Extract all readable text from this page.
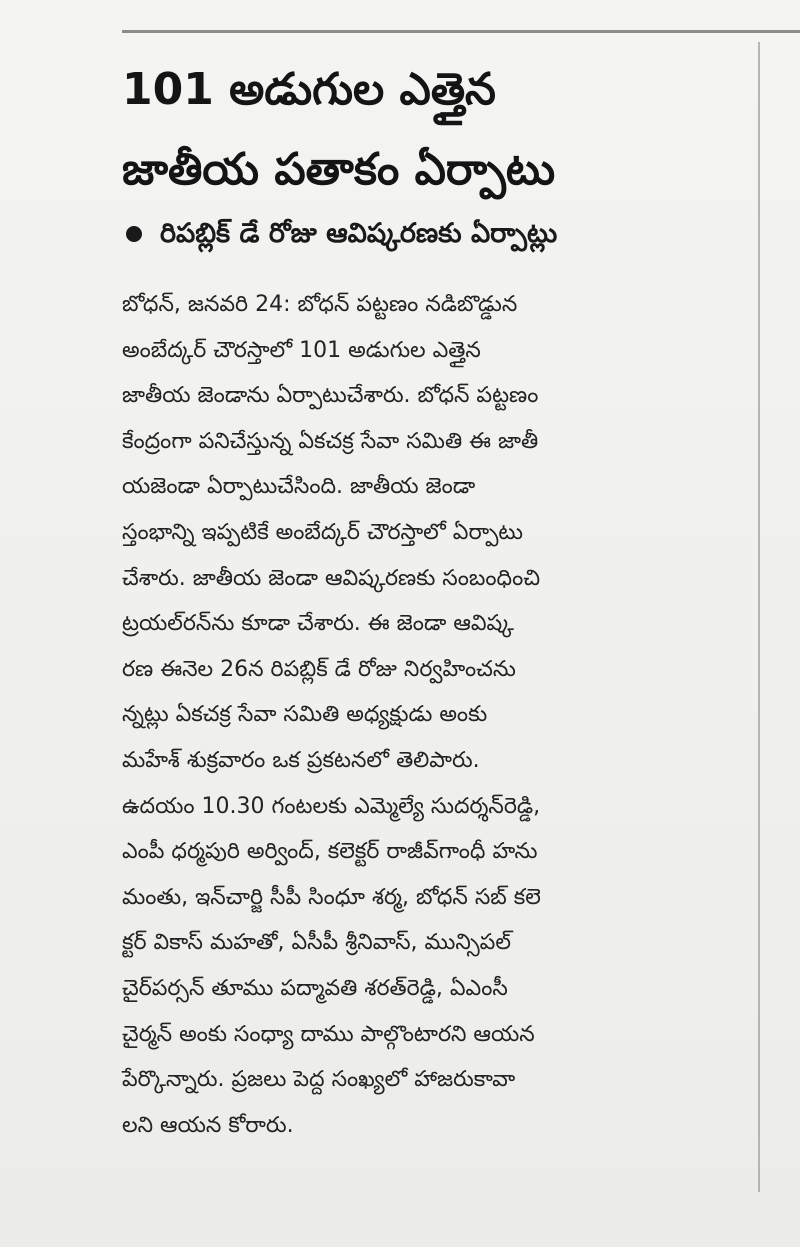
101 అడుగుల ఎత్తైన
జాతీయ పతాకం ఏర్పాటు
రిపబ్లిక్ డే రోజు ఆవిష్కరణకు ఏర్పాట్లు
బోధన్, జనవరి 24: బోధన్ పట్టణం నడిబొడ్డున
అంబేద్కర్ చౌరస్తాలో 101 అడుగుల ఎత్తైన
జాతీయ జెండాను ఏర్పాటుచేశారు. బోధన్ పట్టణం
కేంద్రంగా పనిచేస్తున్న ఏకచక్ర సేవా సమితి ఈ జాతీ
యజెండా ఏర్పాటుచేసింది. జాతీయ జెండా
స్తంభాన్ని ఇప్పటికే అంబేద్కర్ చౌరస్తాలో ఏర్పాటు
చేశారు. జాతీయ జెండా ఆవిష్కరణకు సంబంధించి
ట్రయల్‌రన్‌ను కూడా చేశారు. ఈ జెండా ఆవిష్క
రణ ఈనెల 26న రిపబ్లిక్ డే రోజు నిర్వహించను
న్నట్లు ఏకచక్ర సేవా సమితి అధ్యక్షుడు అంకు
మహేశ్ శుక్రవారం ఒక ప్రకటనలో తెలిపారు.
ఉదయం 10.30 గంటలకు ఎమ్మెల్యే సుదర్శన్‌రెడ్డి,
ఎంపీ ధర్మపురి అర్వింద్, కలెక్టర్ రాజీవ్‌గాంధీ హను
మంతు, ఇన్‌చార్జి సీపీ సింధూ శర్మ, బోధన్ సబ్ కలె
క్టర్ వికాస్ మహతో, ఏసీపీ శ్రీనివాస్, మున్సిపల్
చైర్‌పర్సన్ తూము పద్మావతి శరత్‌రెడ్డి, ఏఎంసీ
చైర్మన్ అంకు సంధ్యా దాము పాల్గొంటారని ఆయన
పేర్కొన్నారు. ప్రజలు పెద్ద సంఖ్యలో హాజరుకావా
లని ఆయన కోరారు.
